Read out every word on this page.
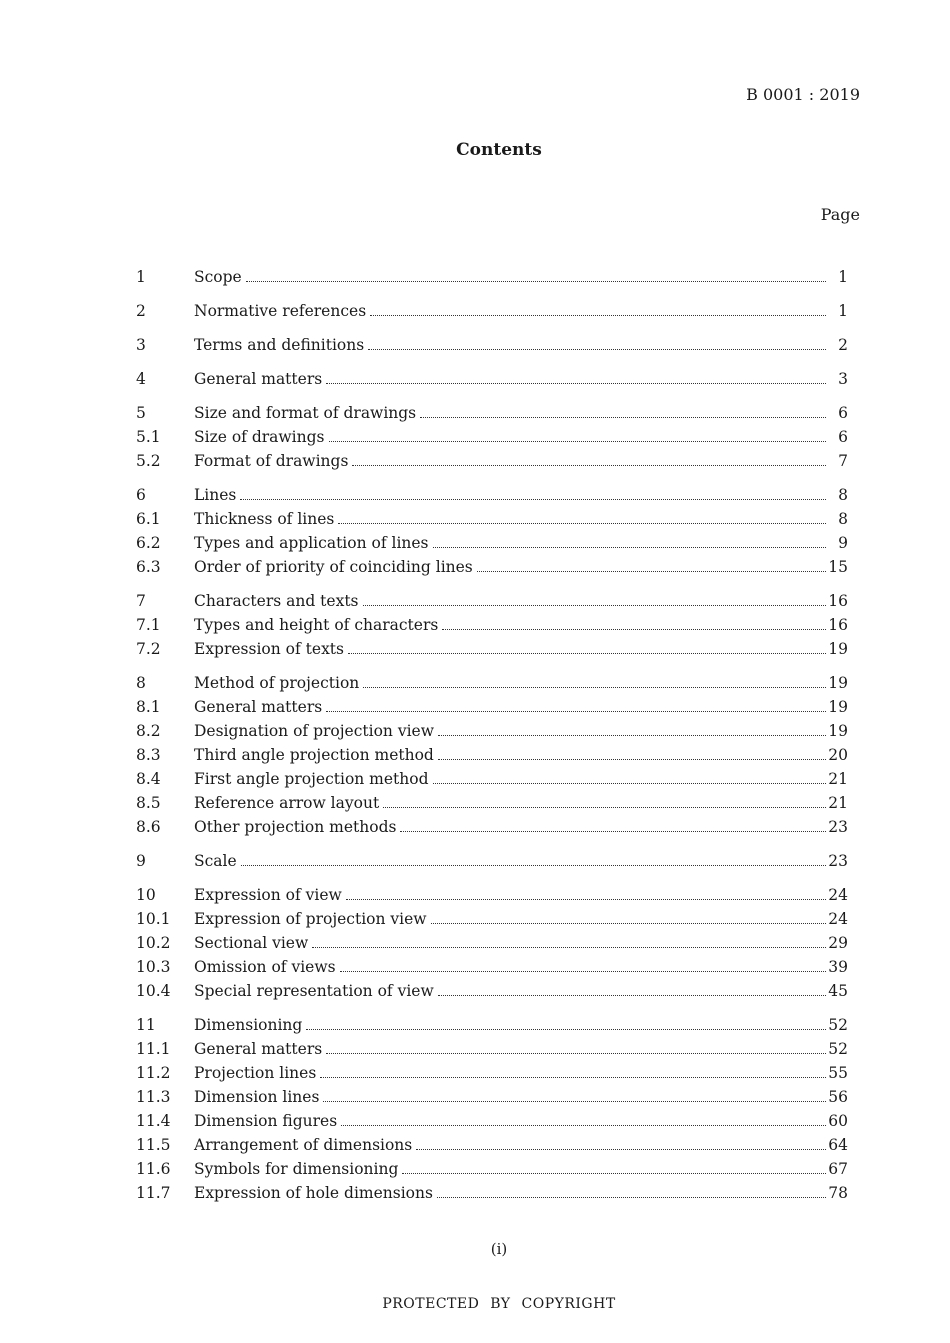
B 0001 : 2019
Contents
Page
1	Scope	1
2	Normative references	1
3	Terms and definitions	2
4	General matters	3
5	Size and format of drawings	6
5.1	Size of drawings	6
5.2	Format of drawings	7
6	Lines	8
6.1	Thickness of lines	8
6.2	Types and application of lines	9
6.3	Order of priority of coinciding lines	15
7	Characters and texts	16
7.1	Types and height of characters	16
7.2	Expression of texts	19
8	Method of projection	19
8.1	General matters	19
8.2	Designation of projection view	19
8.3	Third angle projection method	20
8.4	First angle projection method	21
8.5	Reference arrow layout	21
8.6	Other projection methods	23
9	Scale	23
10	Expression of view	24
10.1	Expression of projection view	24
10.2	Sectional view	29
10.3	Omission of views	39
10.4	Special representation of view	45
11	Dimensioning	52
11.1	General matters	52
11.2	Projection lines	55
11.3	Dimension lines	56
11.4	Dimension figures	60
11.5	Arrangement of dimensions	64
11.6	Symbols for dimensioning	67
11.7	Expression of hole dimensions	78
(i)
PROTECTED BY COPYRIGHT
